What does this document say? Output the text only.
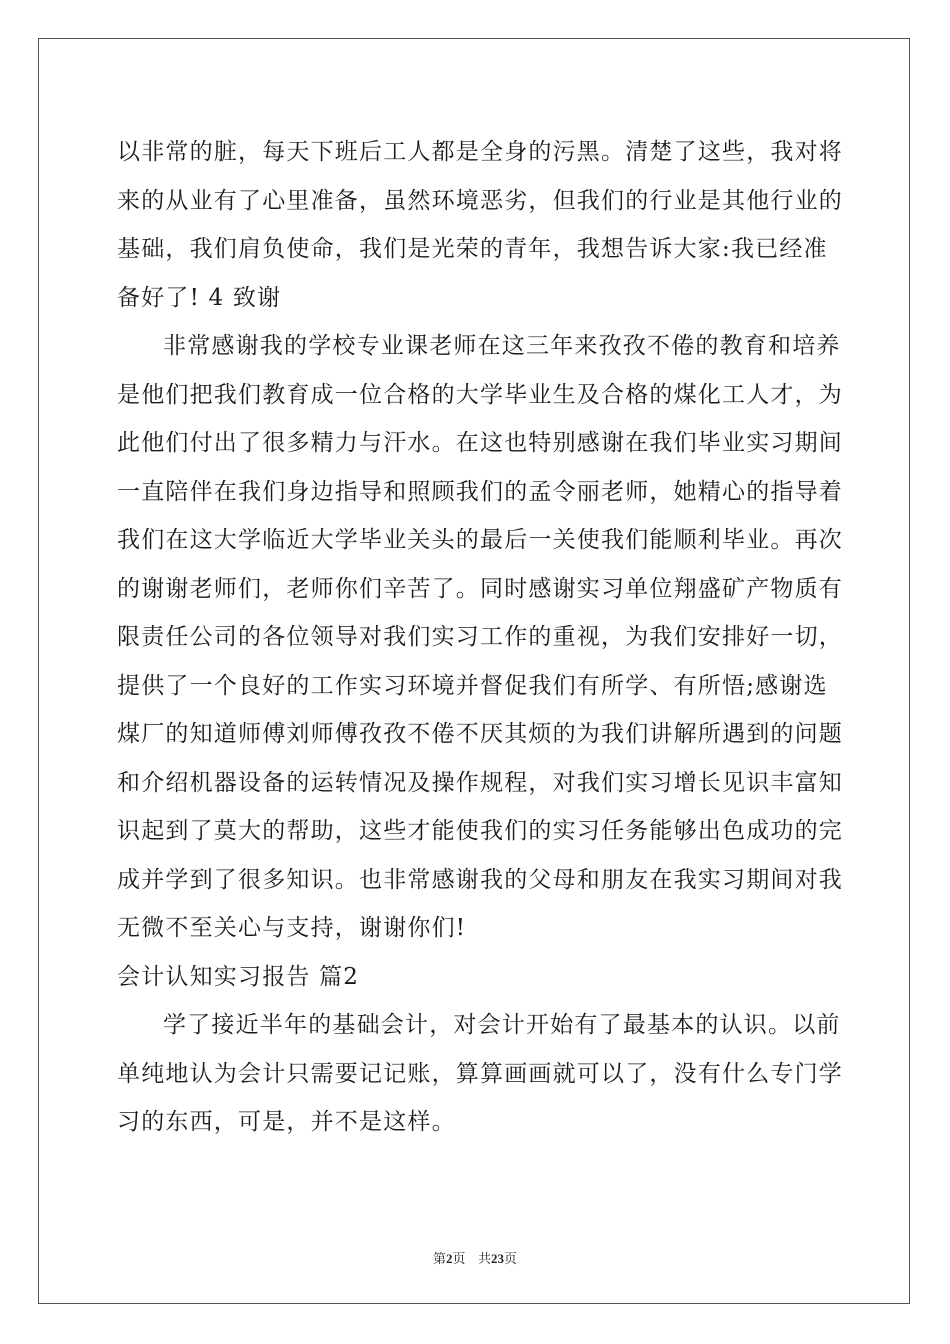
以非常的脏，每天下班后工人都是全身的污黑。清楚了这些，我对将
来的从业有了心里准备，虽然环境恶劣，但我们的行业是其他行业的
基础，我们肩负使命，我们是光荣的青年，我想告诉大家:我已经准
备好了! 4 致谢
非常感谢我的学校专业课老师在这三年来孜孜不倦的教育和培养
是他们把我们教育成一位合格的大学毕业生及合格的煤化工人才，为
此他们付出了很多精力与汗水。在这也特别感谢在我们毕业实习期间
一直陪伴在我们身边指导和照顾我们的孟令丽老师，她精心的指导着
我们在这大学临近大学毕业关头的最后一关使我们能顺利毕业。再次
的谢谢老师们，老师你们辛苦了。同时感谢实习单位翔盛矿产物质有
限责任公司的各位领导对我们实习工作的重视，为我们安排好一切，
提供了一个良好的工作实习环境并督促我们有所学、有所悟;感谢选
煤厂的知道师傅刘师傅孜孜不倦不厌其烦的为我们讲解所遇到的问题
和介绍机器设备的运转情况及操作规程，对我们实习增长见识丰富知
识起到了莫大的帮助，这些才能使我们的实习任务能够出色成功的完
成并学到了很多知识。也非常感谢我的父母和朋友在我实习期间对我
无微不至关心与支持，谢谢你们!
会计认知实习报告 篇2
学了接近半年的基础会计，对会计开始有了最基本的认识。以前
单纯地认为会计只需要记记账，算算画画就可以了，没有什么专门学
习的东西，可是，并不是这样。
第2页 共23页
